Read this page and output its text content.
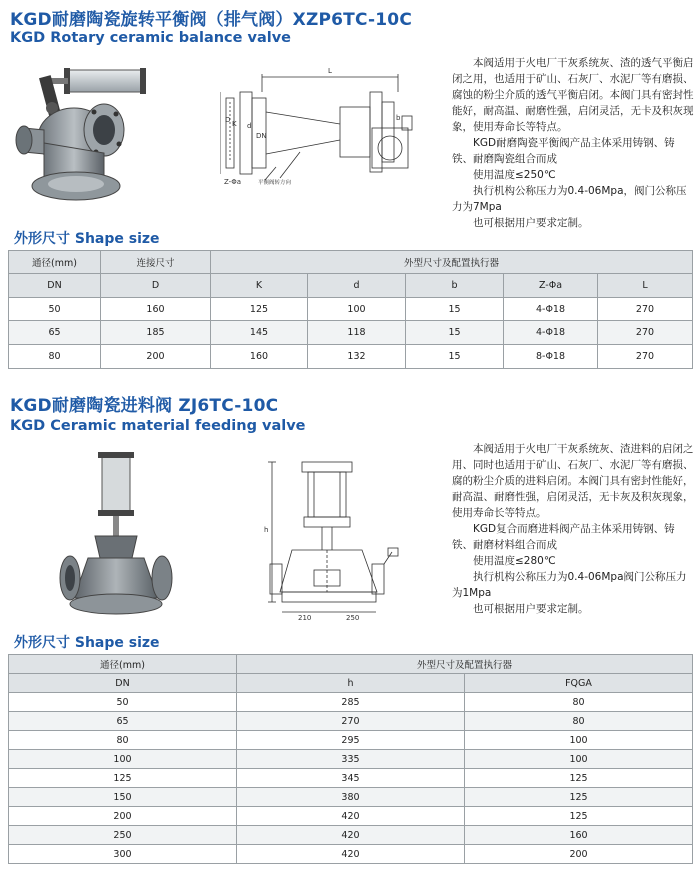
KGD耐磨陶瓷旋转平衡阀（排气阀）XZP6TC-10C
KGD Rotary ceramic balance valve
L
D K d
DN
b
Z-Φa	平衡阀转方向

本阀适用于火电厂干灰系统灰、渣的透气平衡启闭之用，也适用于矿山、石灰厂、水泥厂等有磨损、腐蚀的粉尘介质的透气平衡启闭。本阀门具有密封性能好，耐高温、耐磨性强，启闭灵活，无卡及积灰现象，使用寿命长等特点。

KGD耐磨陶瓷平衡阀产品主体采用铸钢、铸铁、耐磨陶瓷组合而成

使用温度≤250℃

执行机构公称压力为0.4-06Mpa，阀门公称压力为7Mpa

也可根据用户要求定制。

外形尺寸 Shape size
通径(mm)	连接尺寸	外型尺寸及配置执行器				
DN	D	K	d	b	Z-Φa	L
50	160	125	100	15	4-Φ18	270
65	185	145	118	15	4-Φ18	270
80	200	160	132	15	8-Φ18	270
KGD耐磨陶瓷进料阀 ZJ6TC-10C
KGD Ceramic material feeding valve
h
210	250

本阀适用于火电厂干灰系统灰、渣进料的启闭之用、同时也适用于矿山、石灰厂、水泥厂等有磨损、腐的粉尘介质的进料启闭。本阀门具有密封性能好，耐高温、耐磨性强，启闭灵活，无卡灰及积灰现象，使用寿命长等特点。

KGD复合而磨进料阀产品主体采用铸钢、铸铁、耐磨材料组合而成

使用温度≤280℃

执行机构公称压力为0.4-06Mpa阀门公称压力为1Mpa

也可根据用户要求定制。

外形尺寸 Shape size
通径(mm)	外型尺寸及配置执行器	
DN	h	FQGA
50	285	80
65	270	80
80	295	100
100	335	100
125	345	125
150	380	125
200	420	125
250	420	160
300	420	200
